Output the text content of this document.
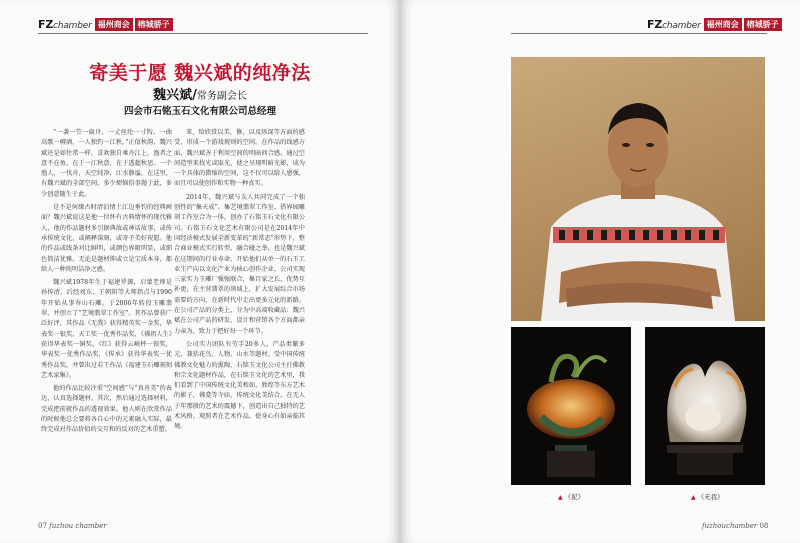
FZchamber 福州商会	榕城骄子
寄美于愿 魏兴斌的纯净法
魏兴斌/常务副会长
四会市石铭玉石文化有限公司总经理

“一袭一笠一扁舟，一丈丝纶一寸钩。一曲高歌一樽酒，一人独钓一江秋。”正值秋韵，魏兴斌还是如往常一样，喜欢独自乘舟江上，渔者之意不在鱼，在于一江秋意，在于透超秋思。一个渔人，一伐舟，天空纯净，江水静谧，在这里，有魏兴斌的全部空间，多少烦恼俗事抛于此，多少创意随生于此。

是不是何缘古时清泊情土江边垂钓的经典画面？魏兴斌说这是他一位怀有古典情怀的现代雅人，他的作品题材多引据典故或神话故事，或传承传统文化，或阐释深刻，或寄予美好祝愿。他的作品或线条对比鲜明，或颜色界限明显，或细色简洁优雅。无论是题材抑或立是宝质本身，都给人一种纯明洁净之感。

魏兴斌1978年生于福建罗源，启蒙老师是孙传清，后经刘东、王朝阳等大师指点与1990年开始从事寿山石雕。于2006年转投玉雕翡翠，并创立了“艺境翡翠工作室”。其作品曾获广泛好评，其作品《无我》获得精英奖一金奖，华表奖一银奖，天工奖一优秀作品奖，《佛祖人生》获得华表奖一铜奖，《红》获得云崎杯一银奖，华表奖一优秀作品奖，《传承》获得华表奖一优秀作品奖，并曾出过若干作品《福建玉石雕刻刻艺术家集》。

他的作品比较注重“空间感”与“真善美”的表达，认真选择题材。其次，然后通过选择材料，完成把前就作品的透视效果。他人则在欣赏作品的时候他总会要将各自心中的元素融入实际，最终完成对作品价值的交互和的反对的艺术重塑。

来，给欣赏以美，修，以及纵深等方面的感受，形成一个游戏规则的空间。在作品的线感方面，魏兴斌善于利用空间的明暗问合感。通过空间造型来找光或取光，使之呈现明暗光影，成为一个具体的微缩的空间，这不仅可以给人感强，而且可以使创作和实物一种真实。

2014年，魏兴斌与友人共同完成了一个独创性的“集天成”。集艺境翡翠工作室、搭界园雕刻工作室合为一体，创办了石铭玉石文化有限公司。石铭玉石文化艺术有限公司是在2014年中国经济模式发展全新变革的“新常态”形势下，整合商业模式实行转型、融合碰之举，也是魏兴斌在这期间的行业寿命，开始他们从单一的石玉工业生产向以文化产业为核心创作企业、公司实现三家实力玉雕厂强强联合，集百家之长，优势互补更，在主营翡翠的领域上，扩大发展综合市场需要的方向，在新时代中走出更多元化的新路。在公司产品的分类上，分为中高端收藏品：魏兴斌在公司产品的研发、设计和营销各个方面都亲力亲为，致力于把好每一个环节。

公司实力团队有劳手20多人，产品类繁多元，兼括花鸟、人物、山水等题材。受中国传统佛教文化魅力的熏陶，石铭玉文化公司主打佛教和宗文化题材作品，在石铭玉文化的艺术里，我们看到了中国传统文化美和如，敦煌等东方艺术的影子，佛龛等寺庙，传统文化美结合。在无人于年那般的艺术的震撼下，创造出自己独特的艺术风格。观照者在艺术作品，使身心有如亲临其境。

07 fuzhou chamber
FZchamber 福州商会	榕城骄子
▲ 《泥》	▲ 《无我》
fuzhouchamber 08
